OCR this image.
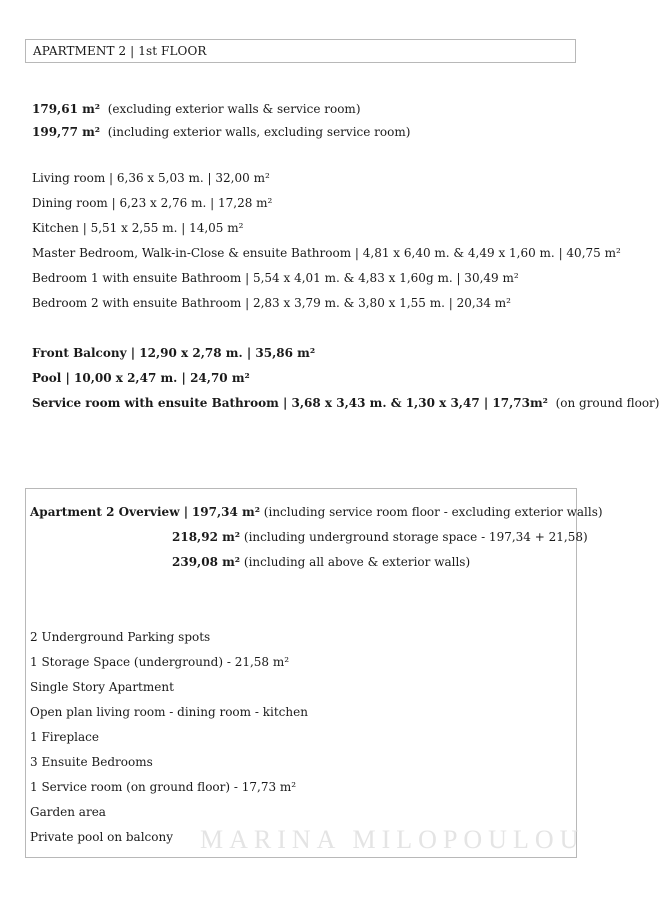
APARTMENT 2 | 1st FLOOR
179,61 m² (excluding exterior walls & service room)
199,77 m² (including exterior walls, excluding service room)
Living room | 6,36 x 5,03 m. | 32,00 m²
Dining room | 6,23 x 2,76 m. | 17,28 m²
Kitchen | 5,51 x 2,55 m. | 14,05 m²
Master Bedroom, Walk-in-Close & ensuite Bathroom | 4,81 x 6,40 m. & 4,49 x 1,60 m. | 40,75 m²
Bedroom 1 with ensuite Bathroom | 5,54 x 4,01 m. & 4,83 x 1,60g m. | 30,49 m²
Bedroom 2 with ensuite Bathroom | 2,83 x 3,79 m. & 3,80 x 1,55 m. | 20,34 m²
Front Balcony | 12,90 x 2,78 m. | 35,86 m²
Pool | 10,00 x 2,47 m. | 24,70 m²
Service room with ensuite Bathroom | 3,68 x 3,43 m. & 1,30 x 3,47 | 17,73m² (on ground floor)
Apartment 2 Overview | 197,34 m² (including service room floor - excluding exterior walls)
218,92 m² (including underground storage space - 197,34 + 21,58)
239,08 m² (including all above & exterior walls)
2 Underground Parking spots
1 Storage Space (underground) - 21,58 m²
Single Story Apartment
Open plan living room - dining room - kitchen
1 Fireplace
3 Ensuite Bedrooms
1 Service room (on ground floor) - 17,73 m²
Garden area
Private pool on balcony MARINA MILOPOULOU
